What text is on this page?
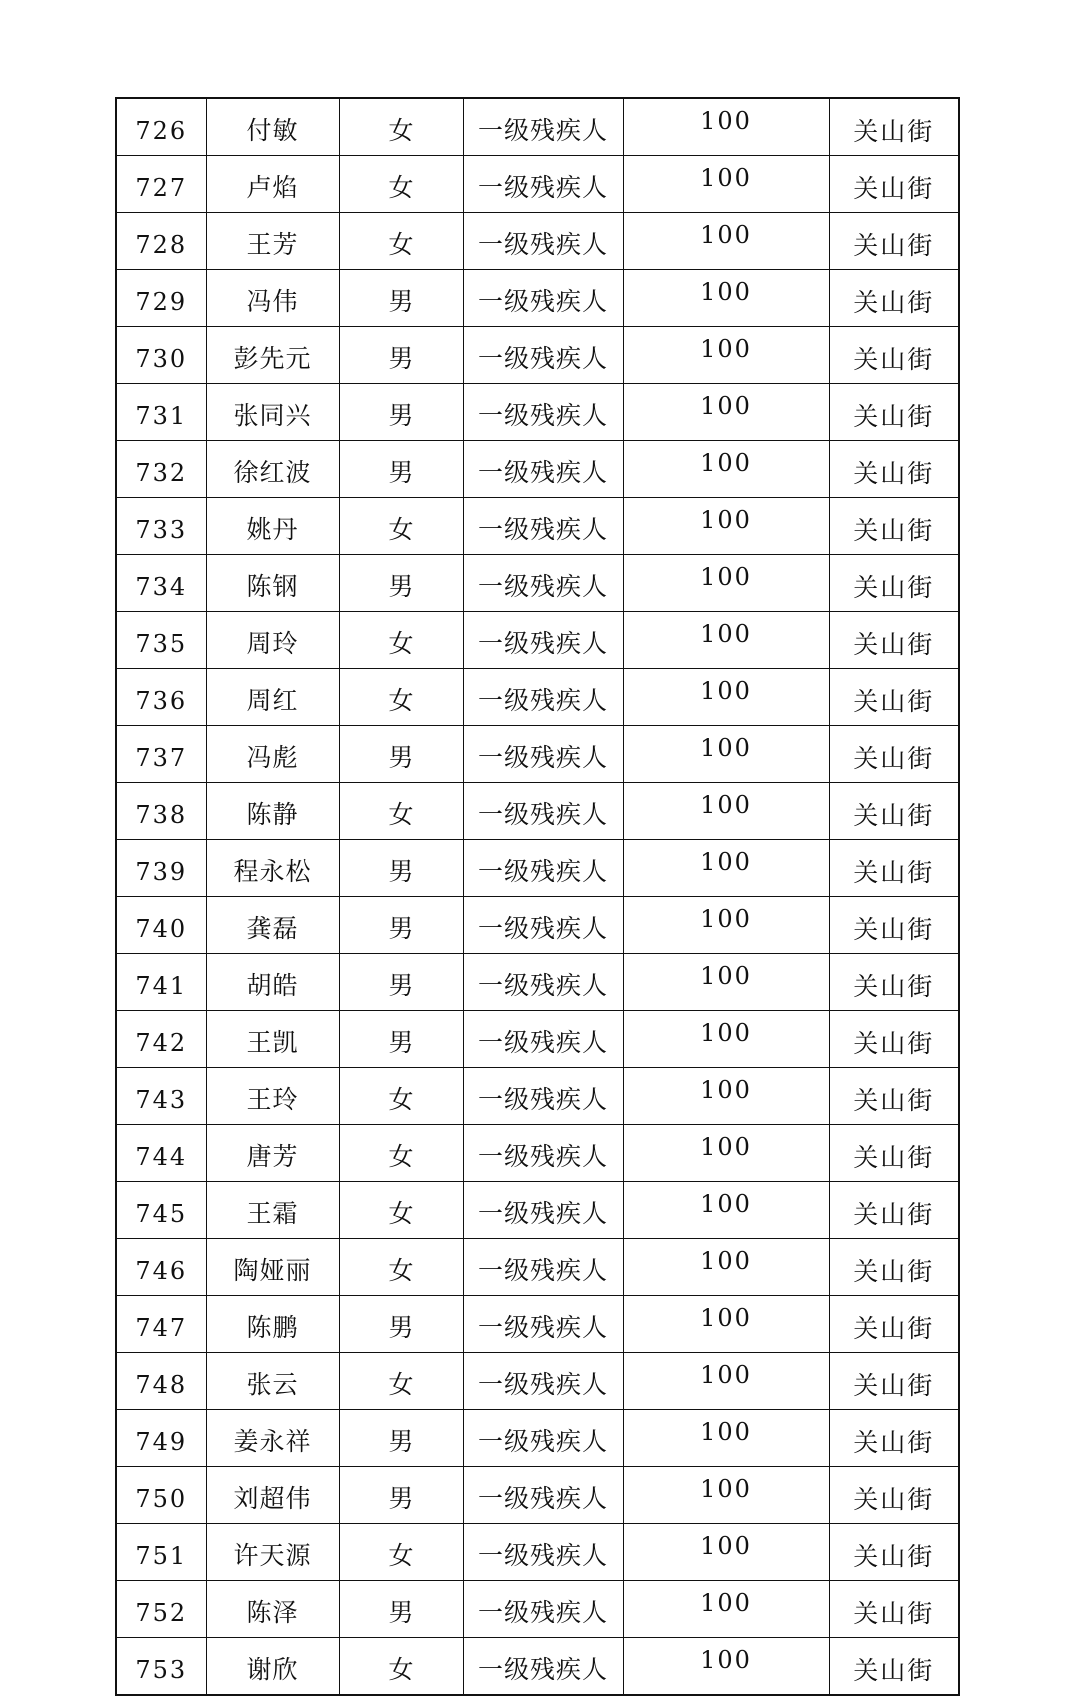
726	付敏	女	一级残疾人	100	关山街
727	卢焰	女	一级残疾人	100	关山街
728	王芳	女	一级残疾人	100	关山街
729	冯伟	男	一级残疾人	100	关山街
730	彭先元	男	一级残疾人	100	关山街
731	张同兴	男	一级残疾人	100	关山街
732	徐红波	男	一级残疾人	100	关山街
733	姚丹	女	一级残疾人	100	关山街
734	陈钢	男	一级残疾人	100	关山街
735	周玲	女	一级残疾人	100	关山街
736	周红	女	一级残疾人	100	关山街
737	冯彪	男	一级残疾人	100	关山街
738	陈静	女	一级残疾人	100	关山街
739	程永松	男	一级残疾人	100	关山街
740	龚磊	男	一级残疾人	100	关山街
741	胡皓	男	一级残疾人	100	关山街
742	王凯	男	一级残疾人	100	关山街
743	王玲	女	一级残疾人	100	关山街
744	唐芳	女	一级残疾人	100	关山街
745	王霜	女	一级残疾人	100	关山街
746	陶娅丽	女	一级残疾人	100	关山街
747	陈鹏	男	一级残疾人	100	关山街
748	张云	女	一级残疾人	100	关山街
749	姜永祥	男	一级残疾人	100	关山街
750	刘超伟	男	一级残疾人	100	关山街
751	许天源	女	一级残疾人	100	关山街
752	陈泽	男	一级残疾人	100	关山街
753	谢欣	女	一级残疾人	100	关山街
